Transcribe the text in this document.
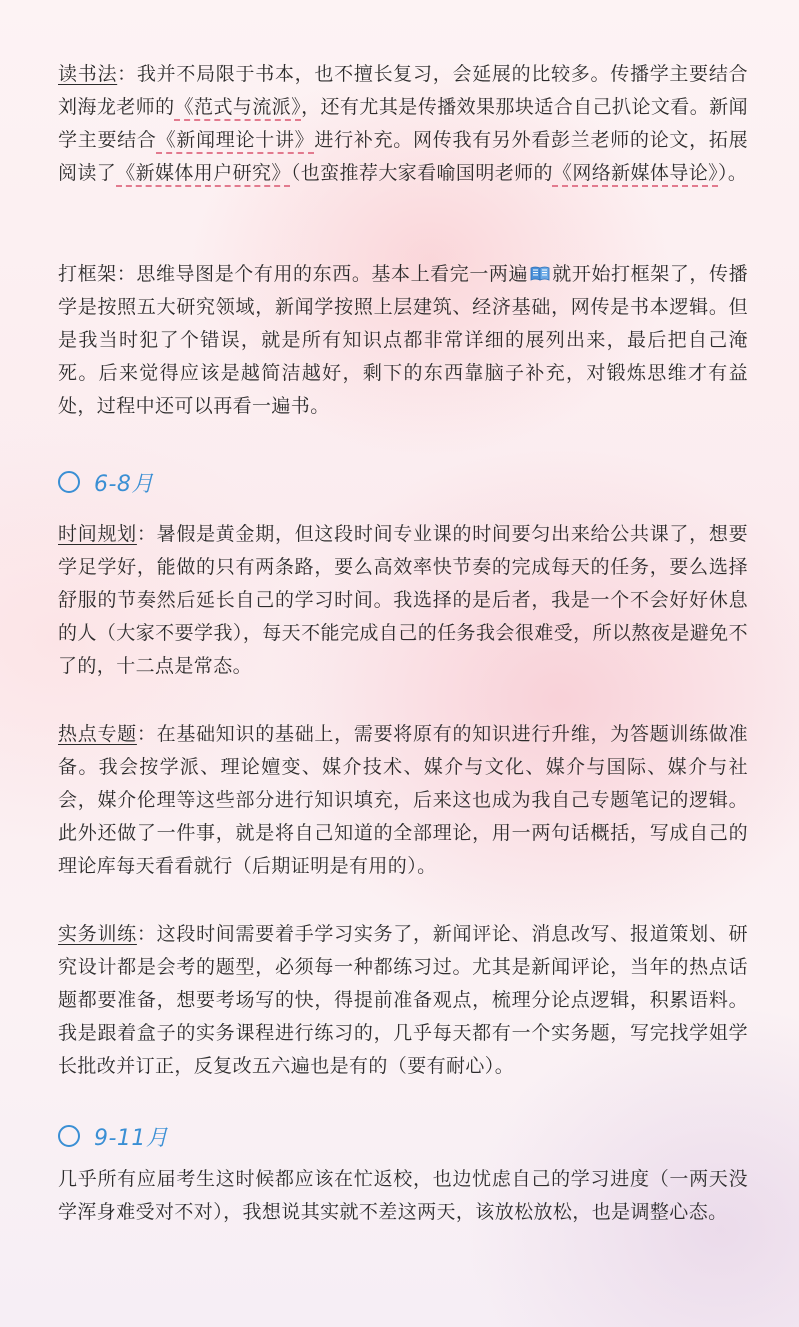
读书法：我并不局限于书本，也不擅长复习，会延展的比较多。传播学主要结合刘海龙老师的《范式与流派》，还有尤其是传播效果那块适合自己扒论文看。新闻学主要结合《新闻理论十讲》进行补充。网传我有另外看彭兰老师的论文，拓展阅读了《新媒体用户研究》（也蛮推荐大家看喻国明老师的《网络新媒体导论》）。

打框架：思维导图是个有用的东西。基本上看完一两遍 就开始打框架了，传播学是按照五大研究领域，新闻学按照上层建筑、经济基础，网传是书本逻辑。但是我当时犯了个错误，就是所有知识点都非常详细的展列出来，最后把自己淹死。后来觉得应该是越简洁越好，剩下的东西靠脑子补充，对锻炼思维才有益处，过程中还可以再看一遍书。

6-8月

时间规划：暑假是黄金期，但这段时间专业课的时间要匀出来给公共课了，想要学足学好，能做的只有两条路，要么高效率快节奏的完成每天的任务，要么选择舒服的节奏然后延长自己的学习时间。我选择的是后者，我是一个不会好好休息的人（大家不要学我），每天不能完成自己的任务我会很难受，所以熬夜是避免不了的，十二点是常态。

热点专题：在基础知识的基础上，需要将原有的知识进行升维，为答题训练做准备。我会按学派、理论嬗变、媒介技术、媒介与文化、媒介与国际、媒介与社会，媒介伦理等这些部分进行知识填充，后来这也成为我自己专题笔记的逻辑。此外还做了一件事，就是将自己知道的全部理论，用一两句话概括，写成自己的理论库每天看看就行（后期证明是有用的）。

实务训练：这段时间需要着手学习实务了，新闻评论、消息改写、报道策划、研究设计都是会考的题型，必须每一种都练习过。尤其是新闻评论，当年的热点话题都要准备，想要考场写的快，得提前准备观点，梳理分论点逻辑，积累语料。我是跟着盒子的实务课程进行练习的，几乎每天都有一个实务题，写完找学姐学长批改并订正，反复改五六遍也是有的（要有耐心）。

9-11月

几乎所有应届考生这时候都应该在忙返校，也边忧虑自己的学习进度（一两天没学浑身难受对不对），我想说其实就不差这两天，该放松放松，也是调整心态。
